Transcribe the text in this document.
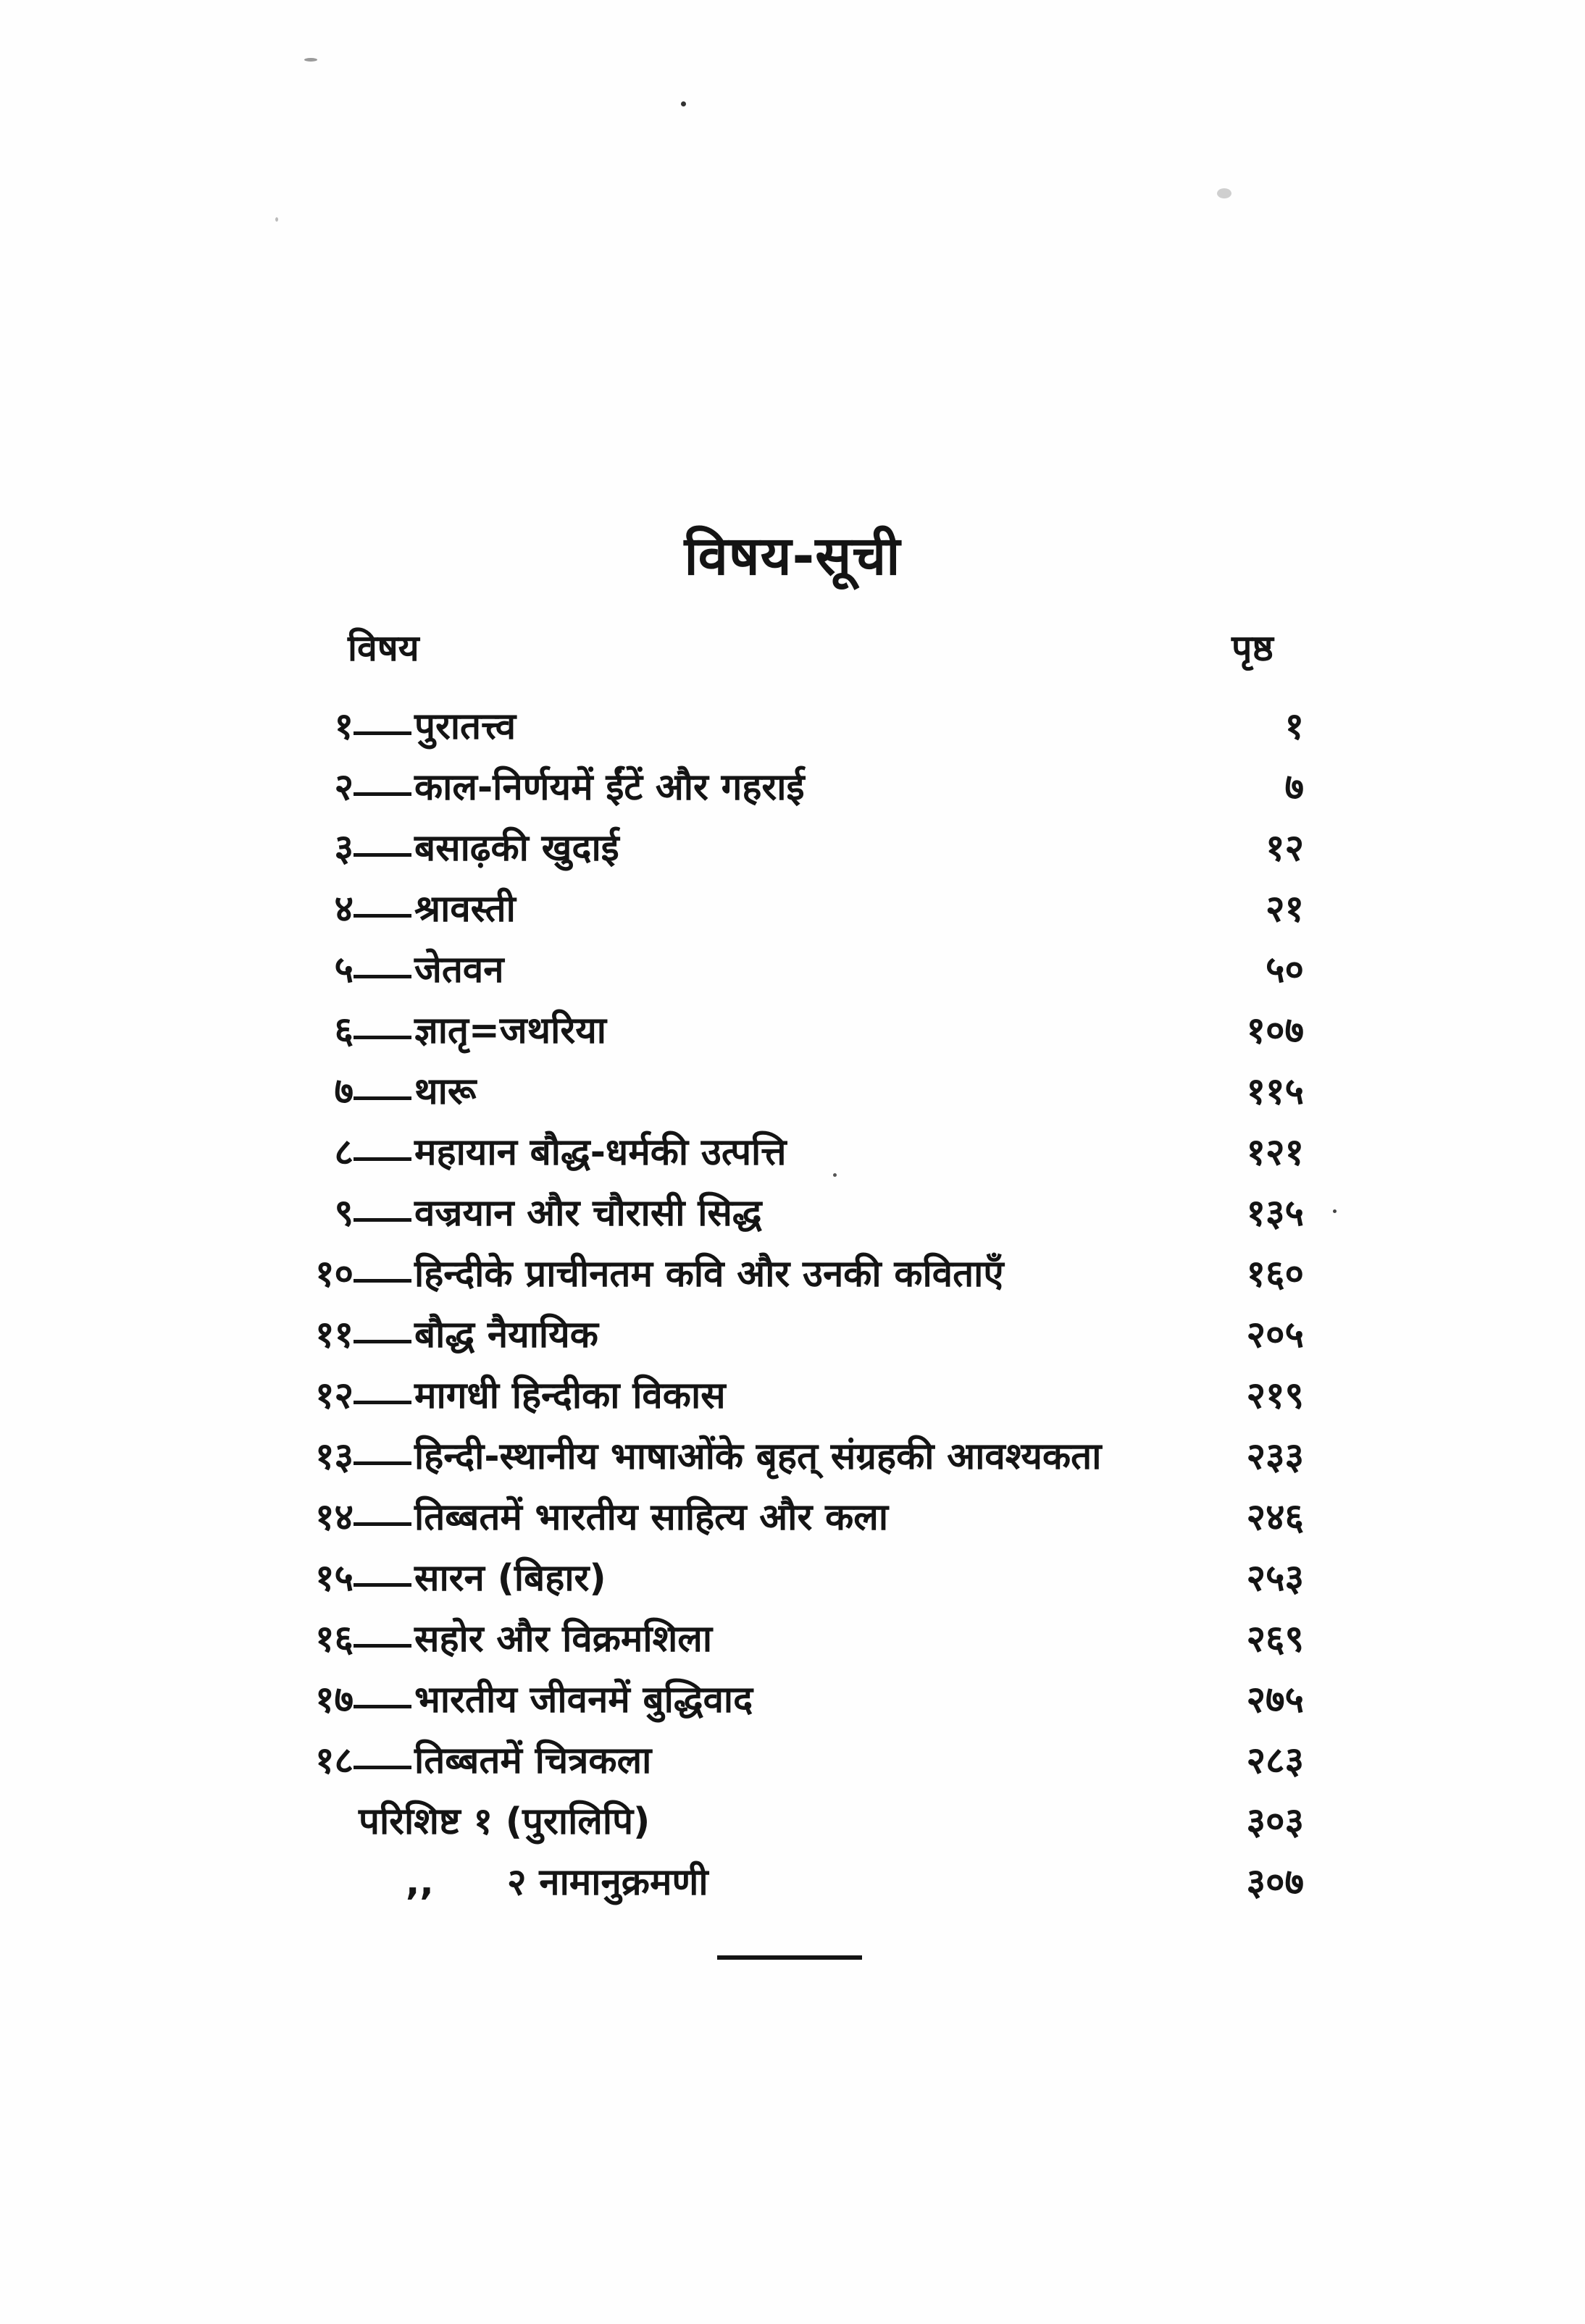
विषय-सूची
विषय	पृष्ठ
१ पुरातत्त्व	१
२ काल-निर्णयमें ईंटें और गहराई	७
३ बसाढ़की खुदाई	१२
४ श्रावस्ती	२१
५ जेतवन	५०
६ ज्ञातृ=जथरिया	१०७
७ थारू	११५
८ महायान बौद्ध-धर्मकी उत्पत्ति	१२१
९ वज्रयान और चौरासी सिद्ध	१३५
१० हिन्दीके प्राचीनतम कवि और उनकी कविताएँ	१६०
११ बौद्ध नैयायिक	२०५
१२ मागधी हिन्दीका विकास	२१९
१३ हिन्दी-स्थानीय भाषाओंके बृहत् संग्रहकी आवश्यकता	२३३
१४ तिब्बतमें भारतीय साहित्य और कला	२४६
१५ सारन (बिहार)	२५३
१६ सहोर और विक्रमशिला	२६९
१७ भारतीय जीवनमें बुद्धिवाद	२७५
१८ तिब्बतमें चित्रकला	२८३
परिशिष्ट १ (पुरालिपि)	३०३
,, २ नामानुक्रमणी	३०७
